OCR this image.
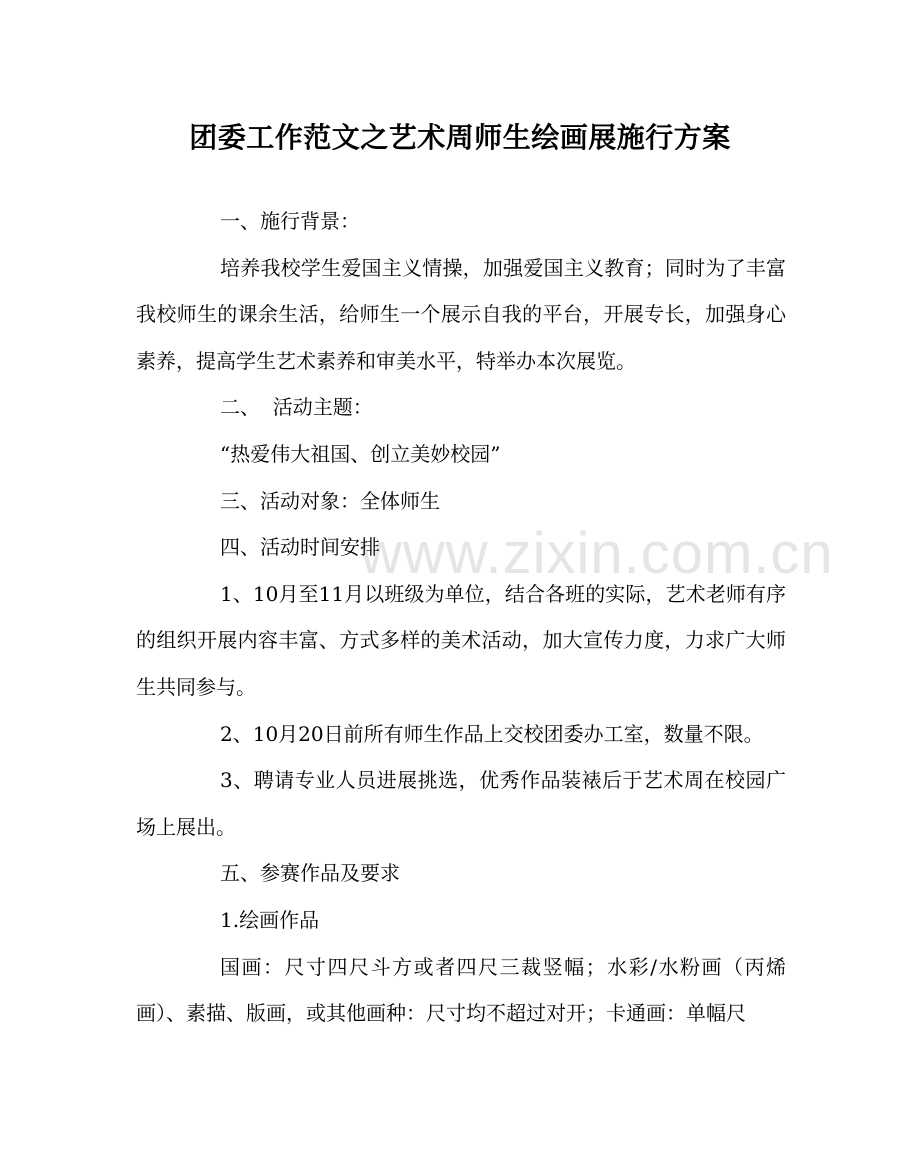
www.zixin.com.cn
团委工作范文之艺术周师生绘画展施行方案

一、施行背景：

培养我校学生爱国主义情操，加强爱国主义教育；同时为了丰富我校师生的课余生活，给师生一个展示自我的平台，开展专长，加强身心素养，提高学生艺术素养和审美水平，特举办本次展览。

二、  活动主题：

“热爱伟大祖国、创立美妙校园”

三、活动对象：全体师生

四、活动时间安排

1、10月至11月以班级为单位，结合各班的实际，艺术老师有序的组织开展内容丰富、方式多样的美术活动，加大宣传力度，力求广大师生共同参与。

2、10月20日前所有师生作品上交校团委办工室，数量不限。

3、聘请专业人员进展挑选，优秀作品装裱后于艺术周在校园广场上展出。

五、参赛作品及要求

1.绘画作品

国画：尺寸四尺斗方或者四尺三裁竖幅；水彩/水粉画（丙烯画）、素描、版画，或其他画种：尺寸均不超过对开；卡通画：单幅尺
